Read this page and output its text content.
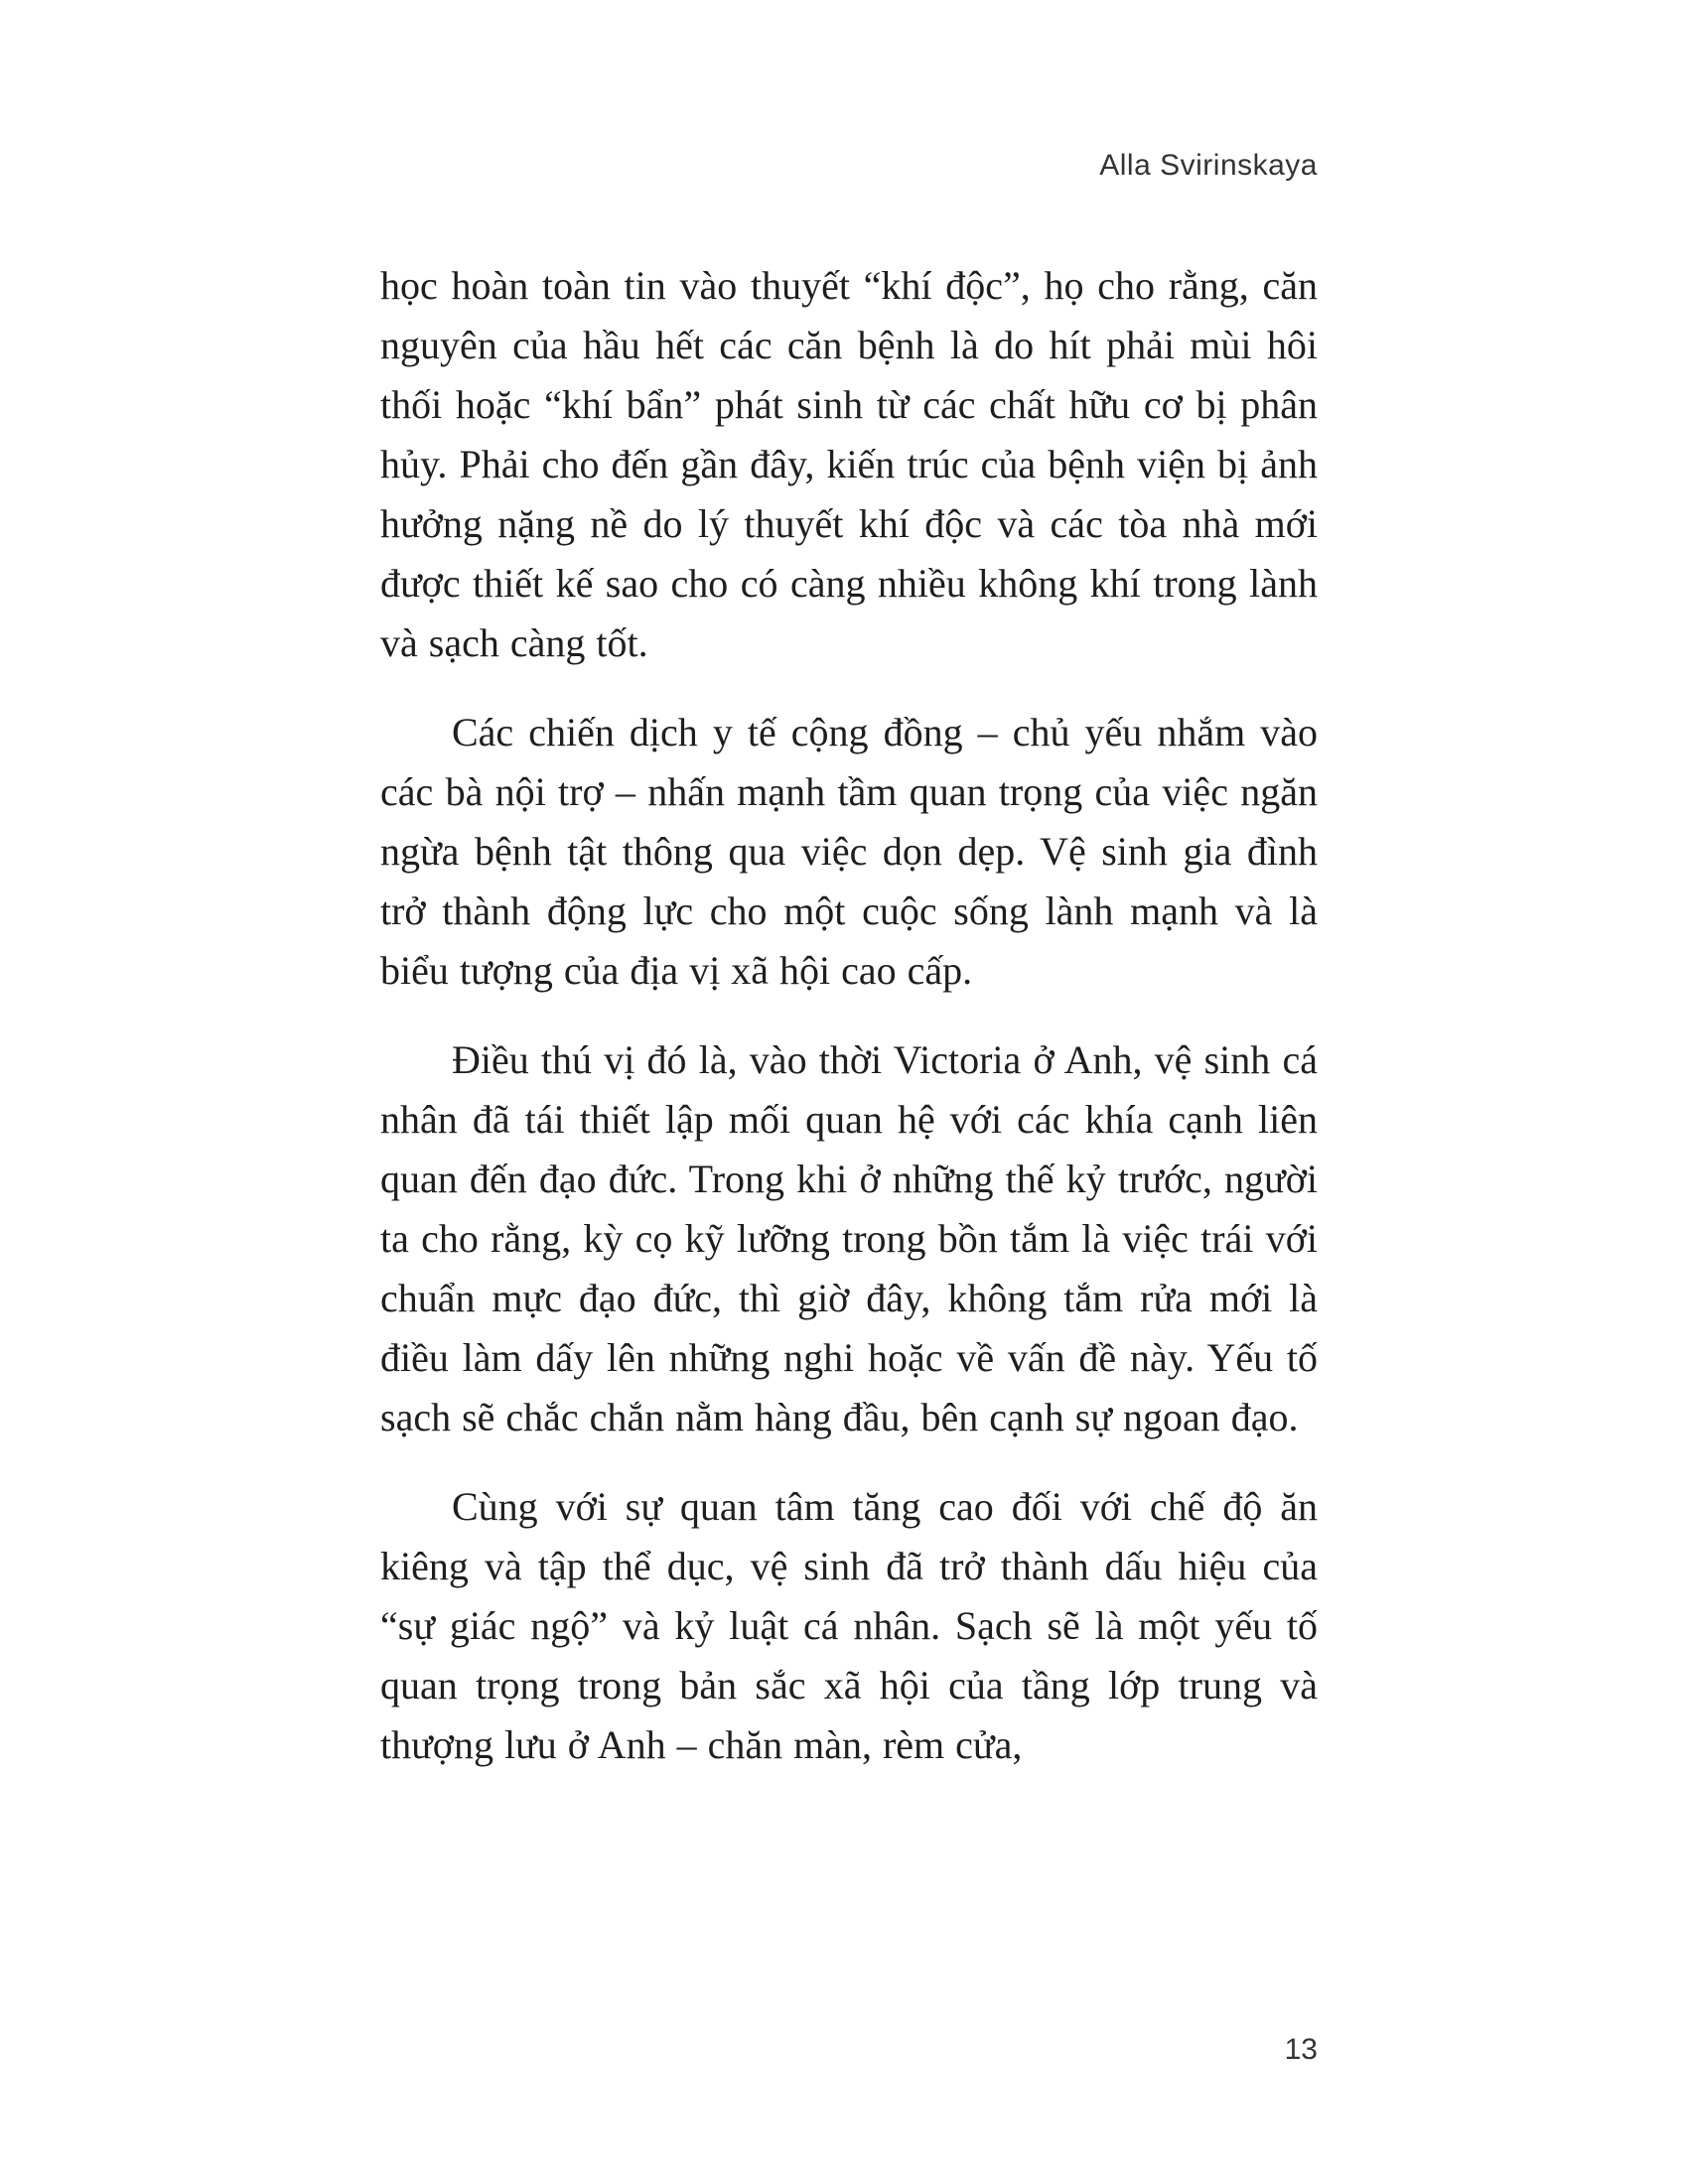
Alla Svirinskaya

học hoàn toàn tin vào thuyết “khí độc”, họ cho rằng, căn nguyên của hầu hết các căn bệnh là do hít phải mùi hôi thối hoặc “khí bẩn” phát sinh từ các chất hữu cơ bị phân hủy. Phải cho đến gần đây, kiến trúc của bệnh viện bị ảnh hưởng nặng nề do lý thuyết khí độc và các tòa nhà mới được thiết kế sao cho có càng nhiều không khí trong lành và sạch càng tốt.

Các chiến dịch y tế cộng đồng – chủ yếu nhắm vào các bà nội trợ – nhấn mạnh tầm quan trọng của việc ngăn ngừa bệnh tật thông qua việc dọn dẹp. Vệ sinh gia đình trở thành động lực cho một cuộc sống lành mạnh và là biểu tượng của địa vị xã hội cao cấp.

Điều thú vị đó là, vào thời Victoria ở Anh, vệ sinh cá nhân đã tái thiết lập mối quan hệ với các khía cạnh liên quan đến đạo đức. Trong khi ở những thế kỷ trước, người ta cho rằng, kỳ cọ kỹ lưỡng trong bồn tắm là việc trái với chuẩn mực đạo đức, thì giờ đây, không tắm rửa mới là điều làm dấy lên những nghi hoặc về vấn đề này. Yếu tố sạch sẽ chắc chắn nằm hàng đầu, bên cạnh sự ngoan đạo.

Cùng với sự quan tâm tăng cao đối với chế độ ăn kiêng và tập thể dục, vệ sinh đã trở thành dấu hiệu của “sự giác ngộ” và kỷ luật cá nhân. Sạch sẽ là một yếu tố quan trọng trong bản sắc xã hội của tầng lớp trung và thượng lưu ở Anh – chăn màn, rèm cửa,

13
